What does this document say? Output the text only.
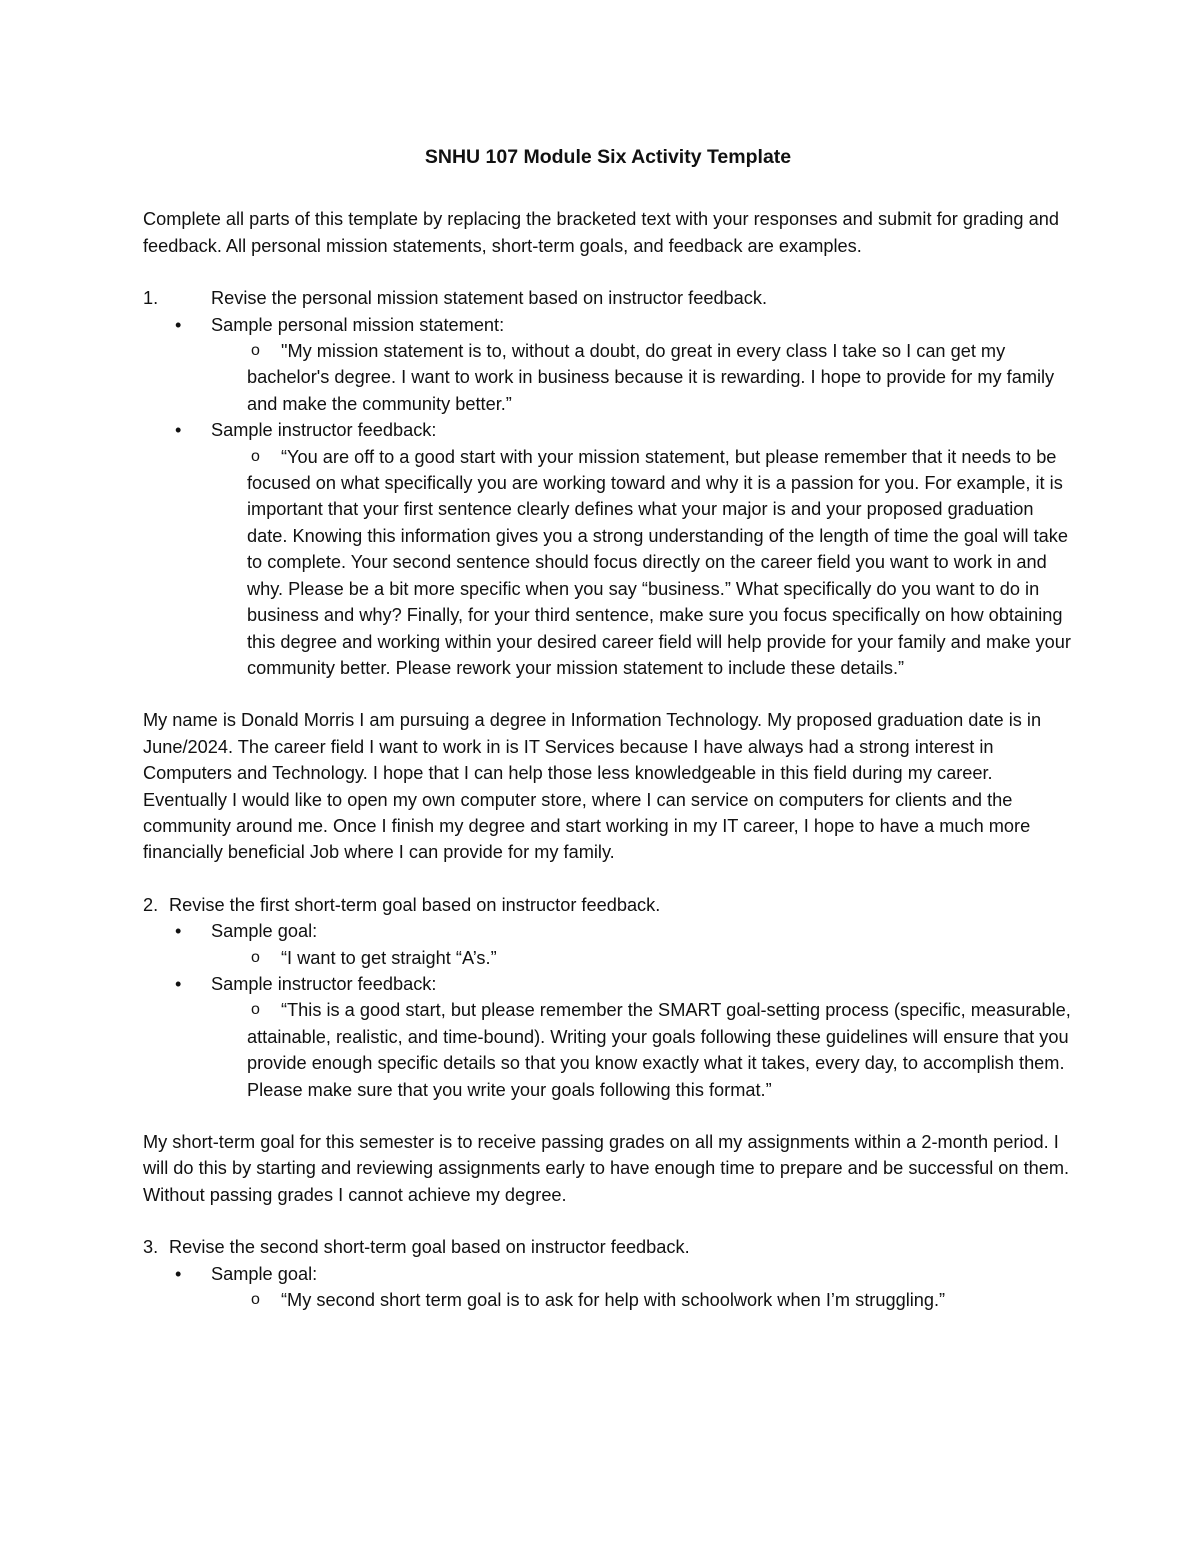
SNHU 107 Module Six Activity Template

Complete all parts of this template by replacing the bracketed text with your responses and submit for grading and feedback. All personal mission statements, short-term goals, and feedback are examples.

1.	Revise the personal mission statement based on instructor feedback.

• Sample personal mission statement:
o	"My mission statement is to, without a doubt, do great in every class I take so I can get my bachelor's degree. I want to work in business because it is rewarding. I hope to provide for my family and make the community better.”
• Sample instructor feedback:
o	“You are off to a good start with your mission statement, but please remember that it needs to be focused on what specifically you are working toward and why it is a passion for you. For example, it is important that your first sentence clearly defines what your major is and your proposed graduation date. Knowing this information gives you a strong understanding of the length of time the goal will take to complete. Your second sentence should focus directly on the career field you want to work in and why. Please be a bit more specific when you say “business.” What specifically do you want to do in business and why? Finally, for your third sentence, make sure you focus specifically on how obtaining this degree and working within your desired career field will help provide for your family and make your community better. Please rework your mission statement to include these details.”

My name is Donald Morris I am pursuing a degree in Information Technology. My proposed graduation date is in June/2024. The career field I want to work in is IT Services because I have always had a strong interest in Computers and Technology. I hope that I can help those less knowledgeable in this field during my career. Eventually I would like to open my own computer store, where I can service on computers for clients and the community around me. Once I finish my degree and start working in my IT career, I hope to have a much more financially beneficial Job where I can provide for my family.

2. Revise the first short-term goal based on instructor feedback.

• Sample goal:
o	“I want to get straight “A’s.”
• Sample instructor feedback:
o	“This is a good start, but please remember the SMART goal-setting process (specific, measurable, attainable, realistic, and time-bound). Writing your goals following these guidelines will ensure that you provide enough specific details so that you know exactly what it takes, every day, to accomplish them. Please make sure that you write your goals following this format.”

My short-term goal for this semester is to receive passing grades on all my assignments within a 2-month period. I will do this by starting and reviewing assignments early to have enough time to prepare and be successful on them. Without passing grades I cannot achieve my degree.

3. Revise the second short-term goal based on instructor feedback.

• Sample goal:
o	“My second short term goal is to ask for help with schoolwork when I’m struggling.”
